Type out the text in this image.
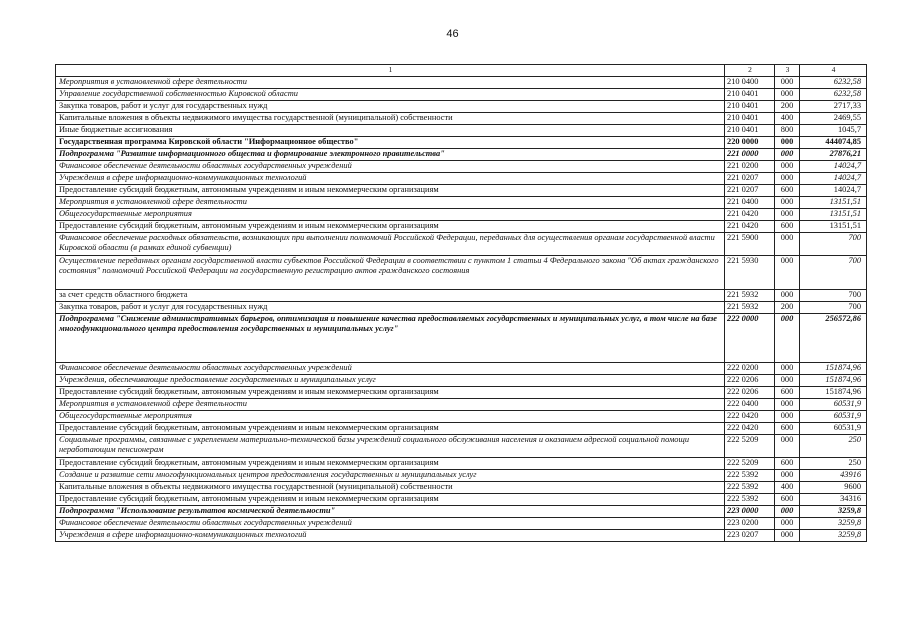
46
1	2	3	4
Мероприятия в установленной сфере деятельности	210 0400	000	6232,58
Управление государственной собственностью Кировской области	210 0401	000	6232,58
Закупка товаров, работ и услуг для государственных нужд	210 0401	200	2717,33
Капитальные вложения в объекты недвижимого имущества государственной (муниципальной) собственности	210 0401	400	2469,55
Иные бюджетные ассигнования	210 0401	800	1045,7
Государственная программа Кировской области "Информационное общество"	220 0000	000	444074,85
Подпрограмма "Развитие информационного общества и формирование электронного правительства"	221 0000	000	27876,21
Финансовое обеспечение деятельности областных государственных учреждений	221 0200	000	14024,7
Учреждения в сфере информационно-коммуникационных технологий	221 0207	000	14024,7
Предоставление субсидий бюджетным, автономным учреждениям и иным некоммерческим организациям	221 0207	600	14024,7
Мероприятия в установленной сфере деятельности	221 0400	000	13151,51
Общегосударственные мероприятия	221 0420	000	13151,51
Предоставление субсидий бюджетным, автономным учреждениям и иным некоммерческим организациям	221 0420	600	13151,51
Финансовое обеспечение расходных обязательств, возникающих при выполнении полномочий Российской Федерации, переданных для осуществления органам государственной власти Кировской области (в рамках единой субвенции)	221 5900	000	700
Осуществление переданных органам государственной власти субъектов Российской Федерации в соответствии с пунктом 1 статьи 4 Федерального закона "Об актах гражданского состояния" полномочий Российской Федерации на государственную регистрацию актов гражданского состояния	221 5930	000	700
за счет средств областного бюджета	221 5932	000	700
Закупка товаров, работ и услуг для государственных нужд	221 5932	200	700
Подпрограмма "Снижение административных барьеров, оптимизация и повышение качества предоставляемых государственных и муниципальных услуг, в том числе на базе многофункционального центра предоставления государственных и муниципальных услуг"	222 0000	000	256572,86
Финансовое обеспечение деятельности областных государственных учреждений	222 0200	000	151874,96
Учреждения, обеспечивающие предоставление государственных и муниципальных услуг	222 0206	000	151874,96
Предоставление субсидий бюджетным, автономным учреждениям и иным некоммерческим организациям	222 0206	600	151874,96
Мероприятия в установленной сфере деятельности	222 0400	000	60531,9
Общегосударственные мероприятия	222 0420	000	60531,9
Предоставление субсидий бюджетным, автономным учреждениям и иным некоммерческим организациям	222 0420	600	60531,9
Социальные программы, связанные с укреплением материально-технической базы учреждений социального обслуживания населения и оказанием адресной социальной помощи неработающим пенсионерам	222 5209	000	250
Предоставление субсидий бюджетным, автономным учреждениям и иным некоммерческим организациям	222 5209	600	250
Создание и развитие сети многофункциональных центров предоставления государственных и муниципальных услуг	222 5392	000	43916
Капитальные вложения в объекты недвижимого имущества государственной (муниципальной) собственности	222 5392	400	9600
Предоставление субсидий бюджетным, автономным учреждениям и иным некоммерческим организациям	222 5392	600	34316
Подпрограмма "Использование результатов космической деятельности"	223 0000	000	3259,8
Финансовое обеспечение деятельности областных государственных учреждений	223 0200	000	3259,8
Учреждения в сфере информационно-коммуникационных технологий	223 0207	000	3259,8
